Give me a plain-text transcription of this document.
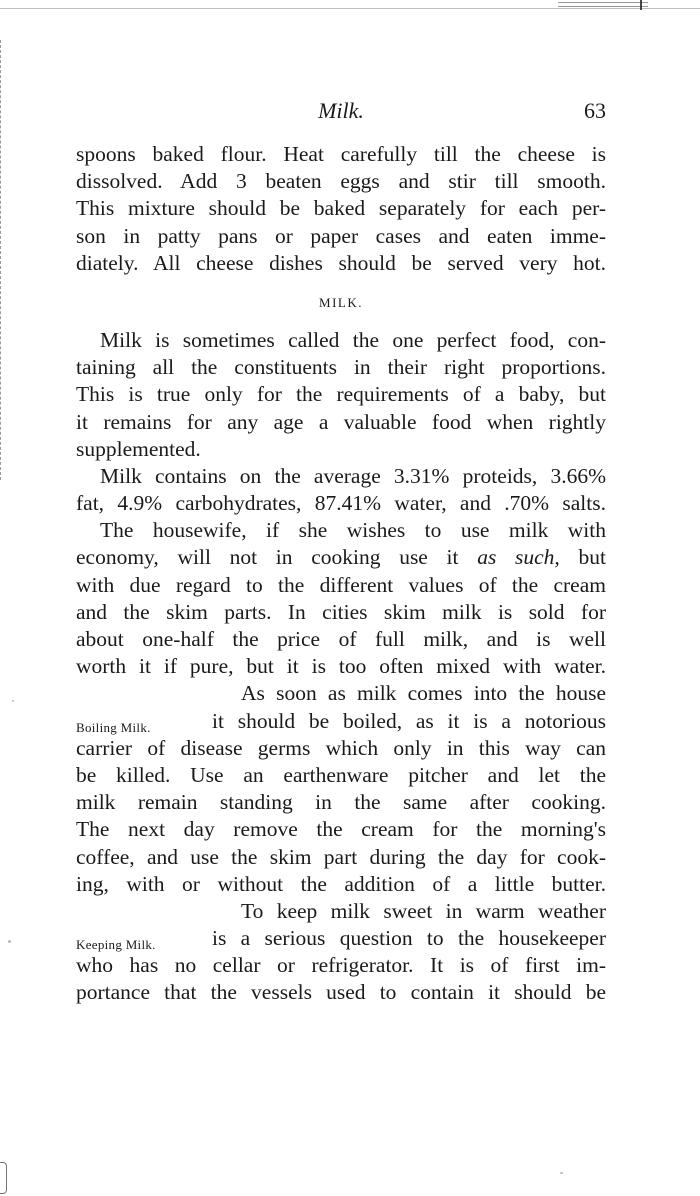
Milk.	63
spoons baked flour. Heat carefully till the cheese is
dissolved. Add 3 beaten eggs and stir till smooth.
This mixture should be baked separately for each per-
son in patty pans or paper cases and eaten imme-
diately. All cheese dishes should be served very hot.
MILK.
Milk is sometimes called the one perfect food, con-
taining all the constituents in their right proportions.
This is true only for the requirements of a baby, but
it remains for any age a valuable food when rightly
supplemented.
Milk contains on the average 3.31% proteids, 3.66%
fat, 4.9% carbohydrates, 87.41% water, and .70% salts.
The housewife, if she wishes to use milk with
economy, will not in cooking use it as such, but
with due regard to the different values of the cream
and the skim parts. In cities skim milk is sold for
about one-half the price of full milk, and is well
worth it if pure, but it is too often mixed with water.
As soon as milk comes into the house
Boiling Milk.	it should be boiled, as it is a notorious
carrier of disease germs which only in this way can
be killed. Use an earthenware pitcher and let the
milk remain standing in the same after cooking.
The next day remove the cream for the morning's
coffee, and use the skim part during the day for cook-
ing, with or without the addition of a little butter.
To keep milk sweet in warm weather
Keeping Milk.	is a serious question to the housekeeper
who has no cellar or refrigerator. It is of first im-
portance that the vessels used to contain it should be
